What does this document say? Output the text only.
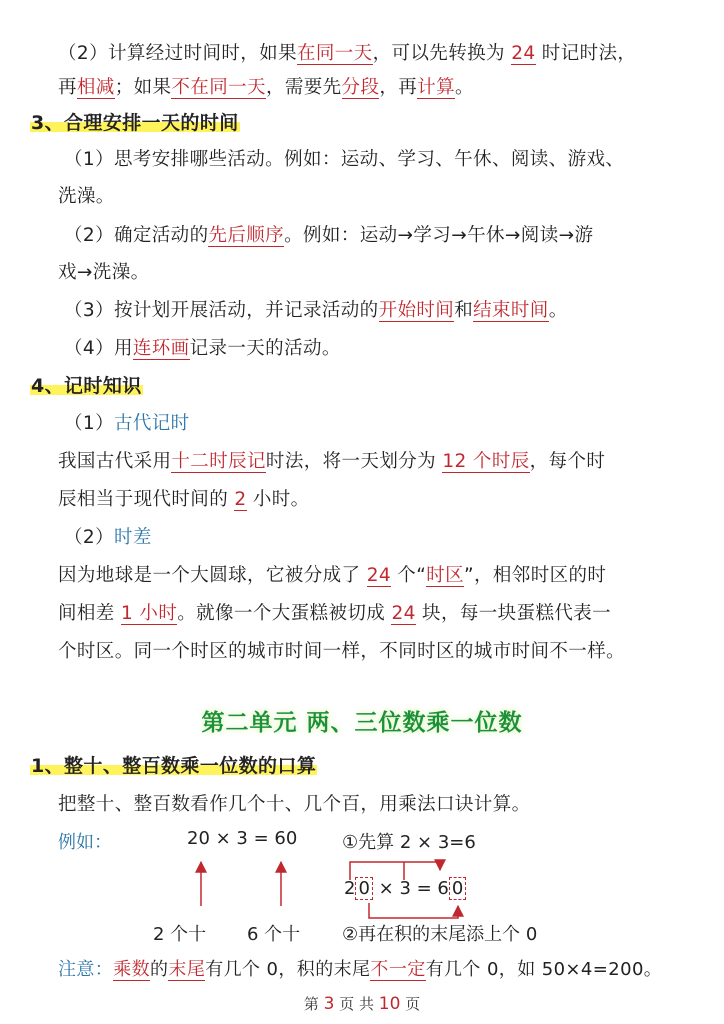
（2）计算经过时间时，如果在同一天，可以先转换为 24 时记时法，
再相减；如果不在同一天，需要先分段，再计算。
3、合理安排一天的时间
（1）思考安排哪些活动。例如：运动、学习、午休、阅读、游戏、
洗澡。
（2）确定活动的先后顺序。例如：运动→学习→午休→阅读→游
戏→洗澡。
（3）按计划开展活动，并记录活动的开始时间和结束时间。
（4）用连环画记录一天的活动。
4、记时知识
（1）古代记时
我国古代采用十二时辰记时法，将一天划分为 12 个时辰，每个时
辰相当于现代时间的 2 小时。
（2）时差
因为地球是一个大圆球，它被分成了 24 个“时区”，相邻时区的时
间相差 1 小时。就像一个大蛋糕被切成 24 块，每一块蛋糕代表一
个时区。同一个时区的城市时间一样，不同时区的城市时间不一样。
第二单元 两、三位数乘一位数
1、整十、整百数乘一位数的口算
把整十、整百数看作几个十、几个百，用乘法口诀计算。
例如：	20 × 3 = 60 ①先算 2 × 3=6
2 0 × 3 = 6 0
2 个十 6 个十 ②再在积的末尾添上个 0
注意：乘数的末尾有几个 0，积的末尾不一定有几个 0，如 50×4=200。
第 3 页 共 10 页
